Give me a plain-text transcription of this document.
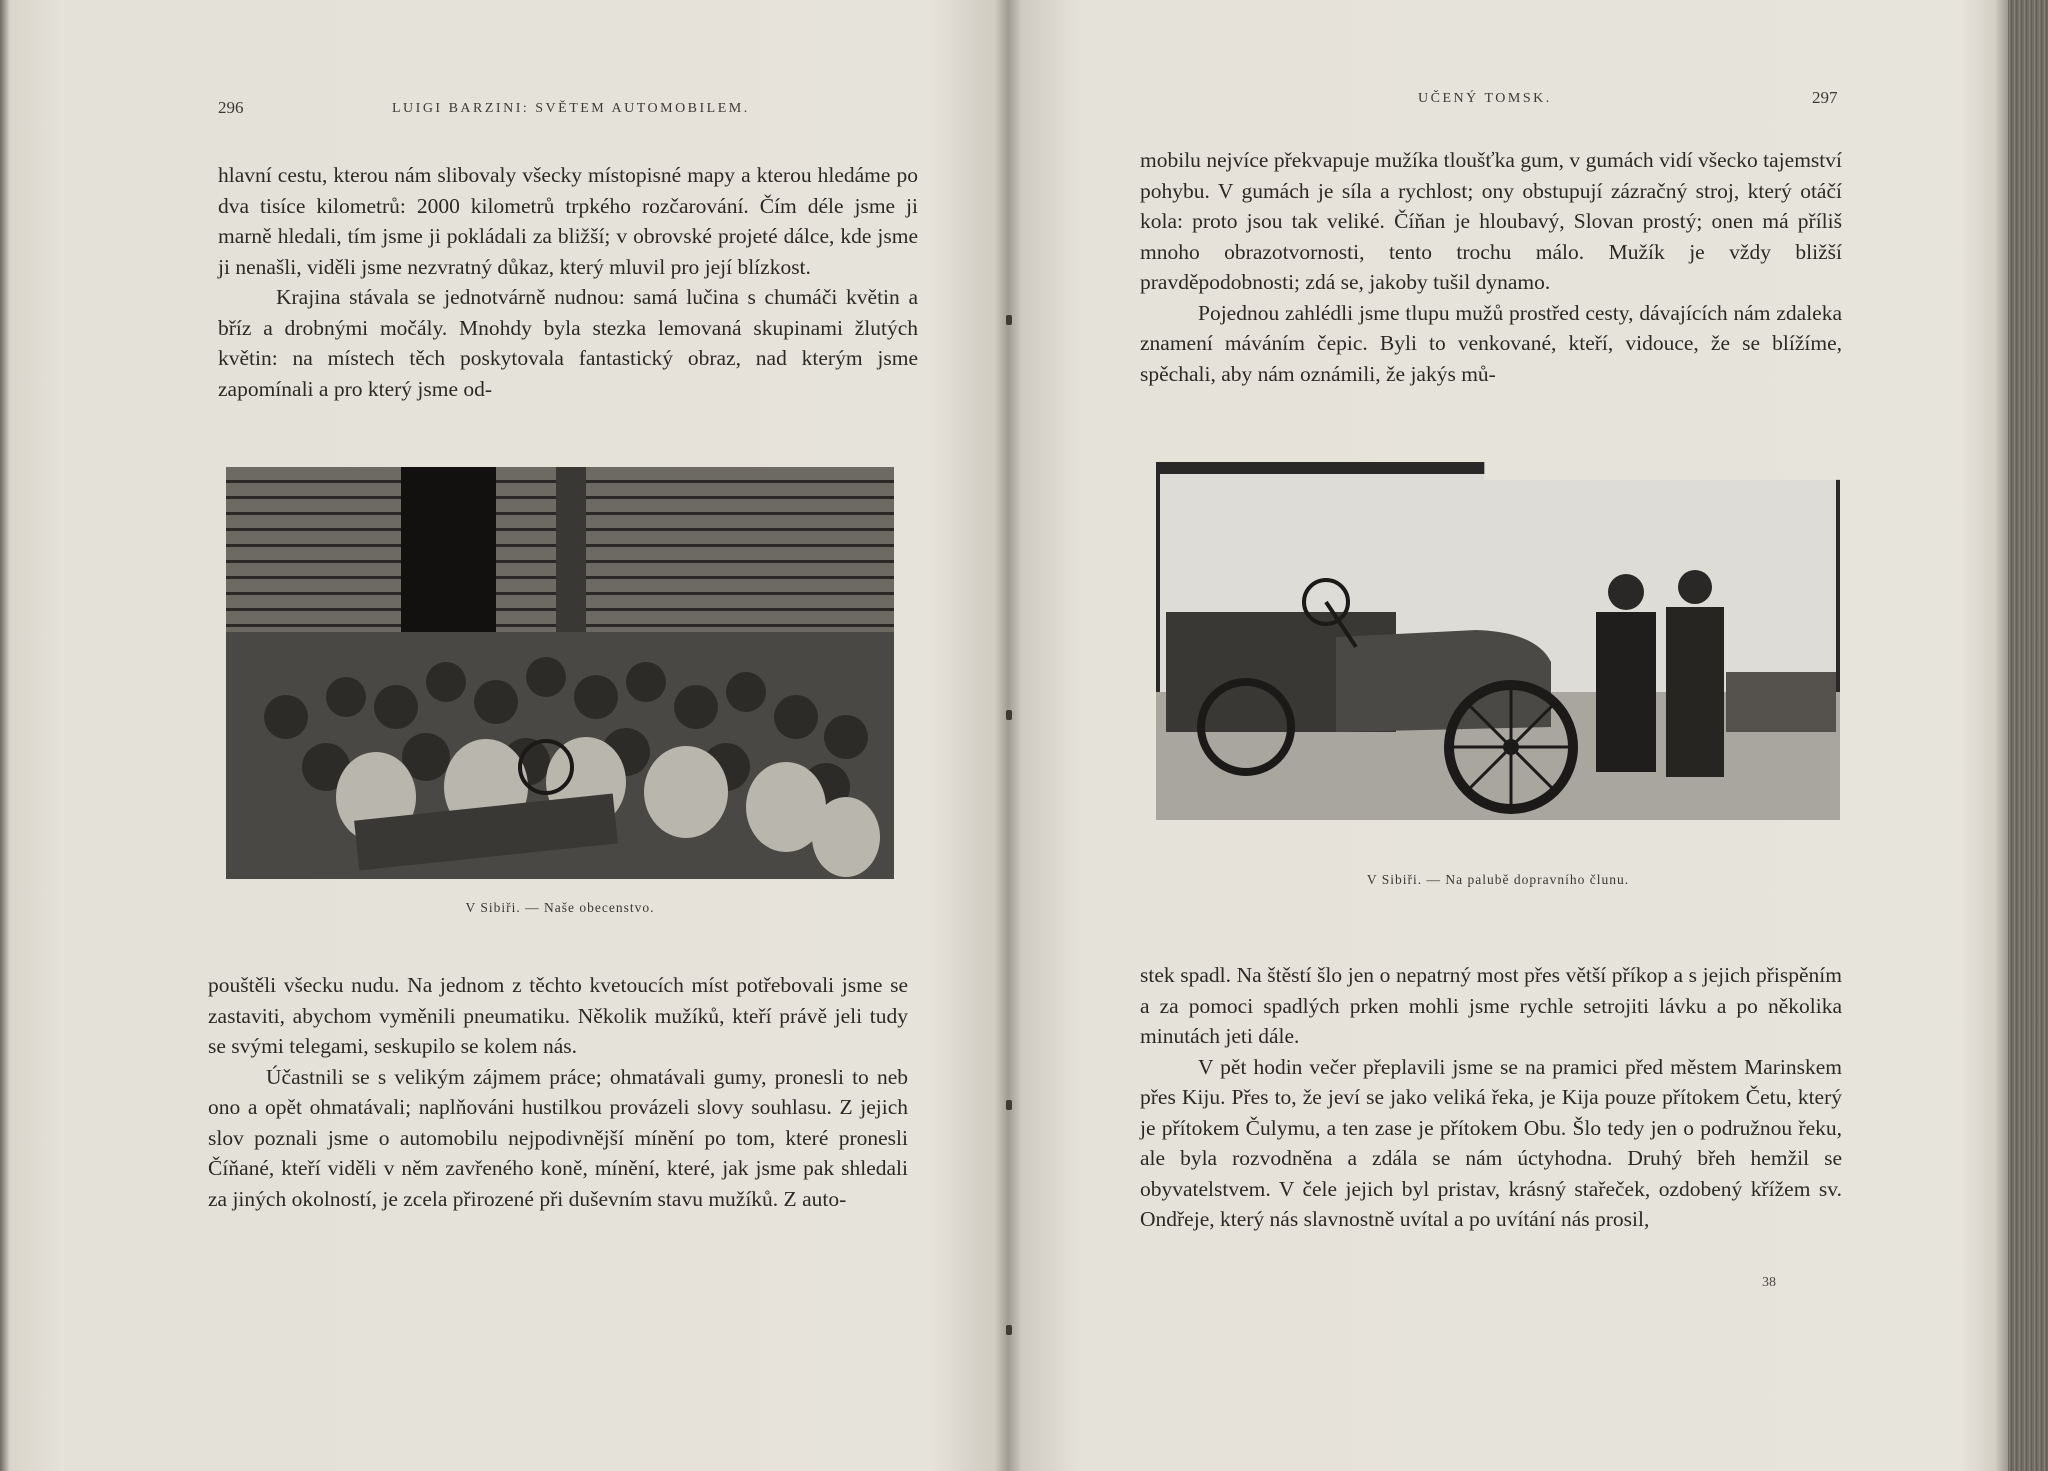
296	LUIGI BARZINI: SVĚTEM AUTOMOBILEM.

hlavní cestu, kterou nám slibovaly všecky místopisné mapy a kterou hledáme po dva tisíce kilometrů: 2000 kilometrů trpkého rozčarování. Čím déle jsme ji marně hledali, tím jsme ji pokládali za bližší; v obrovské projeté dálce, kde jsme ji nenašli, viděli jsme nezvratný důkaz, který mluvil pro její blízkost.

Krajina stávala se jednotvárně nudnou: samá lučina s chumáči květin a bříz a drobnými močály. Mnohdy byla stezka lemovaná skupinami žlutých květin: na místech těch poskytovala fantastický obraz, nad kterým jsme zapomínali a pro který jsme od-

V Sibiři. — Naše obecenstvo.

pouštěli všecku nudu. Na jednom z těchto kvetoucích míst potřebovali jsme se zastaviti, abychom vyměnili pneumatiku. Několik mužíků, kteří právě jeli tudy se svými telegami, seskupilo se kolem nás.

Účastnili se s velikým zájmem práce; ohmatávali gumy, pronesli to neb ono a opět ohmatávali; naplňováni hustilkou provázeli slovy souhlasu. Z jejich slov poznali jsme o automobilu nejpodivnější mínění po tom, které pronesli Číňané, kteří viděli v něm zavřeného koně, mínění, které, jak jsme pak shledali za jiných okolností, je zcela přirozené při duševním stavu mužíků. Z auto-

UČENÝ TOMSK.	297

mobilu nejvíce překvapuje mužíka tloušťka gum, v gumách vidí všecko tajemství pohybu. V gumách je síla a rychlost; ony obstupují zázračný stroj, který otáčí kola: proto jsou tak veliké. Číňan je hloubavý, Slovan prostý; onen má příliš mnoho obrazotvornosti, tento trochu málo. Mužík je vždy bližší pravděpodobnosti; zdá se, jakoby tušil dynamo.

Pojednou zahlédli jsme tlupu mužů prostřed cesty, dávajících nám zdaleka znamení máváním čepic. Byli to venkované, kteří, vidouce, že se blížíme, spěchali, aby nám oznámili, že jakýs mů-

V Sibiři. — Na palubě dopravního člunu.

stek spadl. Na štěstí šlo jen o nepatrný most přes větší příkop a s jejich přispěním a za pomoci spadlých prken mohli jsme rychle setrojiti lávku a po několika minutách jeti dále.

V pět hodin večer přeplavili jsme se na pramici před městem Marinskem přes Kiju. Přes to, že jeví se jako veliká řeka, je Kija pouze přítokem Četu, který je přítokem Čulymu, a ten zase je přítokem Obu. Šlo tedy jen o podružnou řeku, ale byla rozvodněna a zdála se nám úctyhodna. Druhý břeh hemžil se obyvatelstvem. V čele jejich byl pristav, krásný stařeček, ozdobený křížem sv. Ondřeje, který nás slavnostně uvítal a po uvítání nás prosil,

38
